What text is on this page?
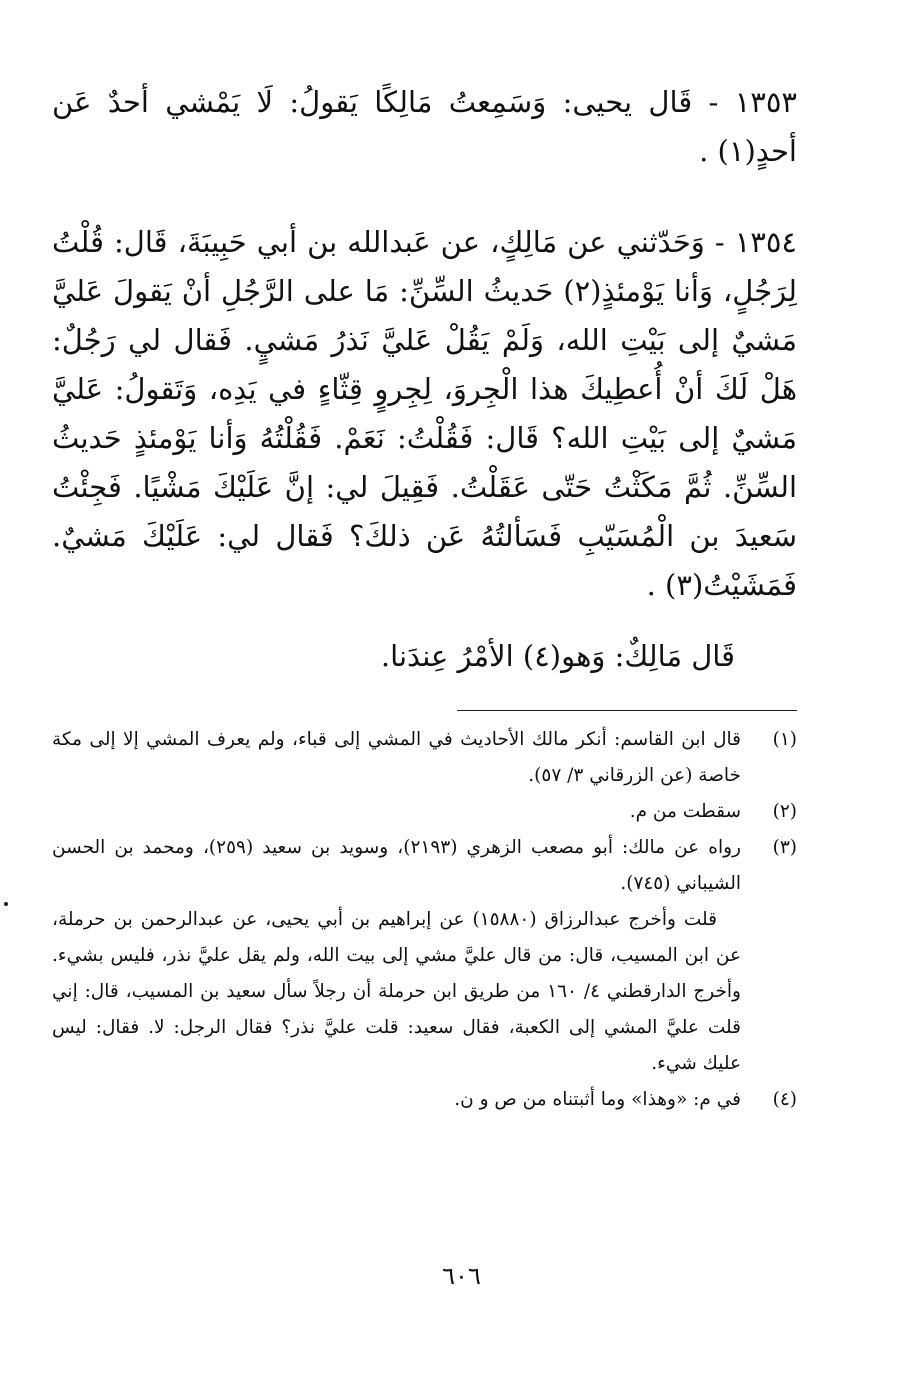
١٣٥٣ - قَال يحيى: وَسَمِعتُ مَالِكًا يَقولُ: لَا يَمْشي أحدٌ عَن أحدٍ(١) .

١٣٥٤ - وَحَدّثني عن مَالِكٍ، عن عَبدالله بن أبي حَبِيبَةَ، قَال: قُلْتُ لِرَجُلٍ، وَأنا يَوْمئذٍ(٢) حَديثُ السِّنِّ: مَا على الرَّجُلِ أنْ يَقولَ عَليَّ مَشيٌ إلى بَيْتِ الله، وَلَمْ يَقُلْ عَليَّ نَذرُ مَشيٍ. فَقال لي رَجُلٌ: هَلْ لَكَ أنْ أُعطِيكَ هذا الْجِروَ، لِجِروٍ قِثّاءٍ في يَدِه، وَتَقولُ: عَليَّ مَشيٌ إلى بَيْتِ الله؟ قَال: فَقُلْتُ: نَعَمْ. فَقُلْتُهُ وَأنا يَوْمئذٍ حَديثُ السِّنِّ. ثُمَّ مَكَثْتُ حَتّى عَقَلْتُ. فَقِيلَ لي: إنَّ عَلَيْكَ مَشْيًا. فَجِئْتُ سَعيدَ بن الْمُسَيّبِ فَسَألتُهُ عَن ذلكَ؟ فَقال لي: عَلَيْكَ مَشيٌ. فَمَشَيْتُ(٣) .

قَال مَالِكٌ: وَهو(٤) الأمْرُ عِندَنا.

(١)
قال ابن القاسم: أنكر مالك الأحاديث في المشي إلى قباء، ولم يعرف المشي إلا إلى مكة خاصة (عن الزرقاني ٣/ ٥٧).
(٢)
سقطت من م.
(٣)
رواه عن مالك: أبو مصعب الزهري (٢١٩٣)، وسويد بن سعيد (٢٥٩)، ومحمد بن الحسن الشيباني (٧٤٥).

قلت وأخرج عبدالرزاق (١٥٨٨٠) عن إبراهيم بن أبي يحيى، عن عبدالرحمن بن حرملة، عن ابن المسيب، قال: من قال عليَّ مشي إلى بيت الله، ولم يقل عليَّ نذر، فليس بشيء. وأخرج الدارقطني ٤/ ١٦٠ من طريق ابن حرملة أن رجلاً سأل سعيد بن المسيب، قال: إني قلت عليَّ المشي إلى الكعبة، فقال سعيد: قلت عليَّ نذر؟ فقال الرجل: لا. فقال: ليس عليك شيء.

(٤)
في م: «وهذا» وما أثبتناه من ص و ن.
٦٠٦
